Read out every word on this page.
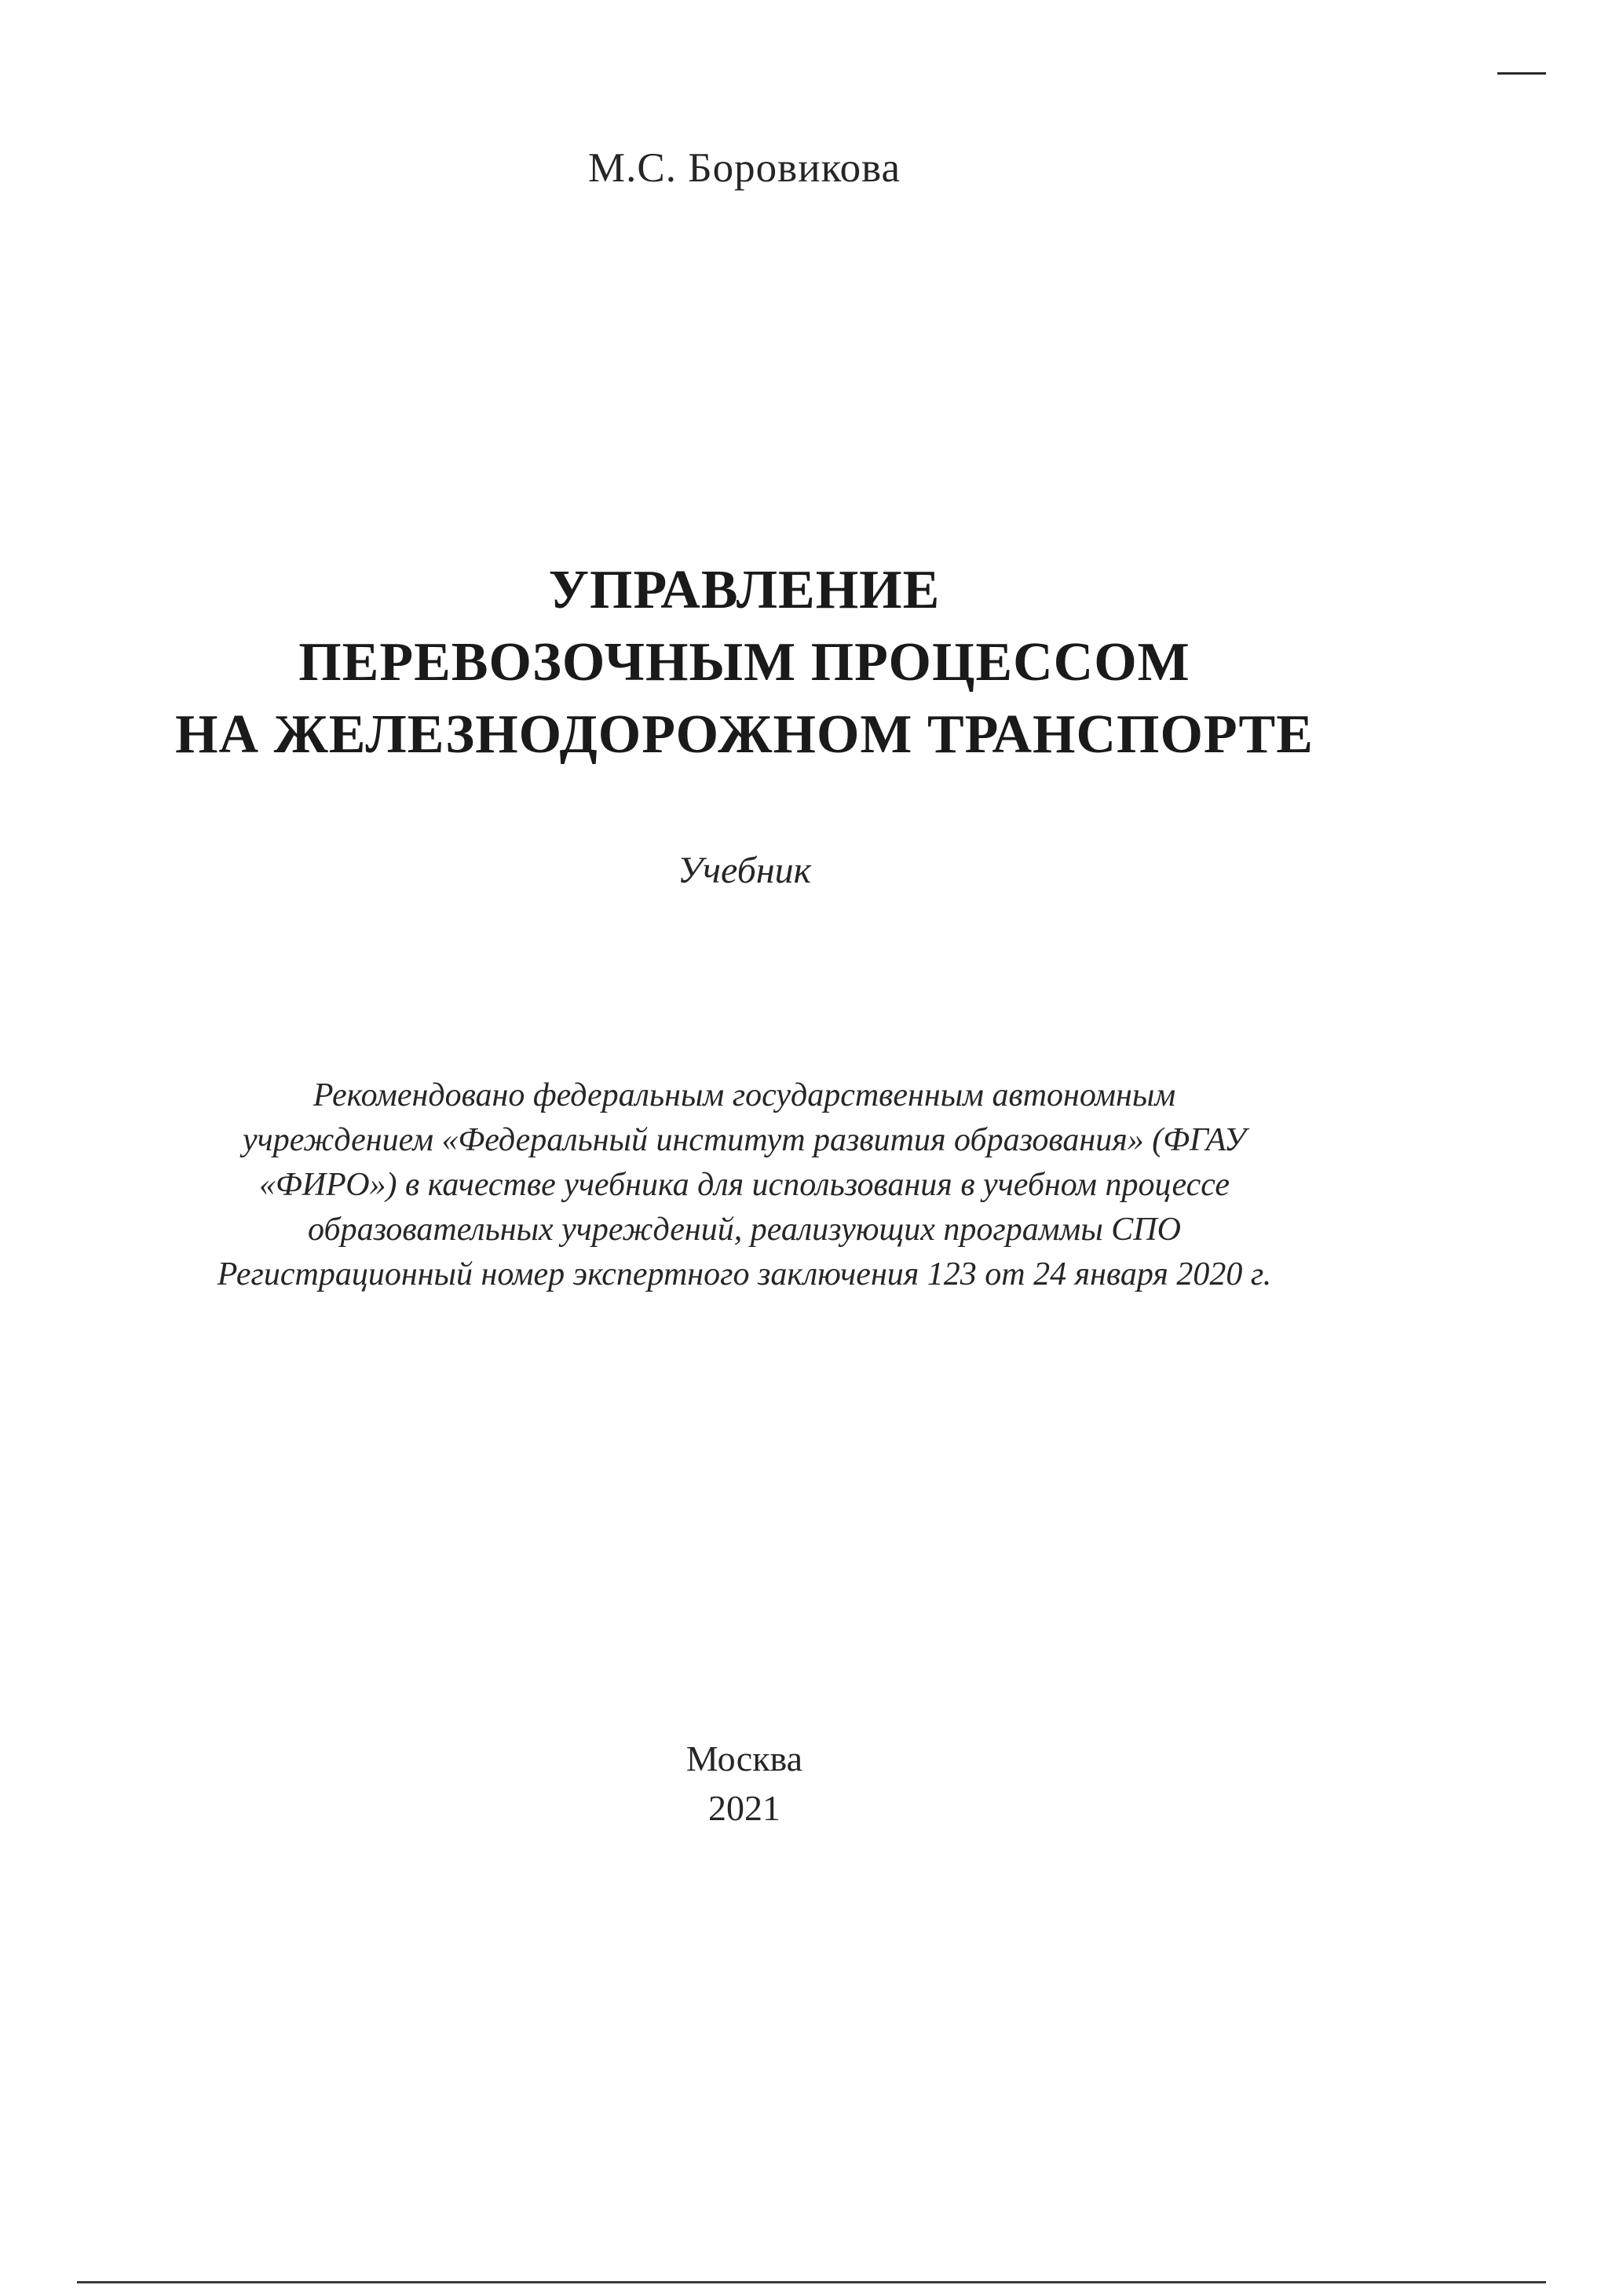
М.С. Боровикова
УПРАВЛЕНИЕ
ПЕРЕВОЗОЧНЫМ ПРОЦЕССОМ
НА ЖЕЛЕЗНОДОРОЖНОМ ТРАНСПОРТЕ
Учебник
Рекомендовано федеральным государственным автономным
учреждением «Федеральный институт развития образования» (ФГАУ
«ФИРО») в качестве учебника для использования в учебном процессе
образовательных учреждений, реализующих программы СПО
Регистрационный номер экспертного заключения 123 от 24 января 2020 г.
Москва
2021
